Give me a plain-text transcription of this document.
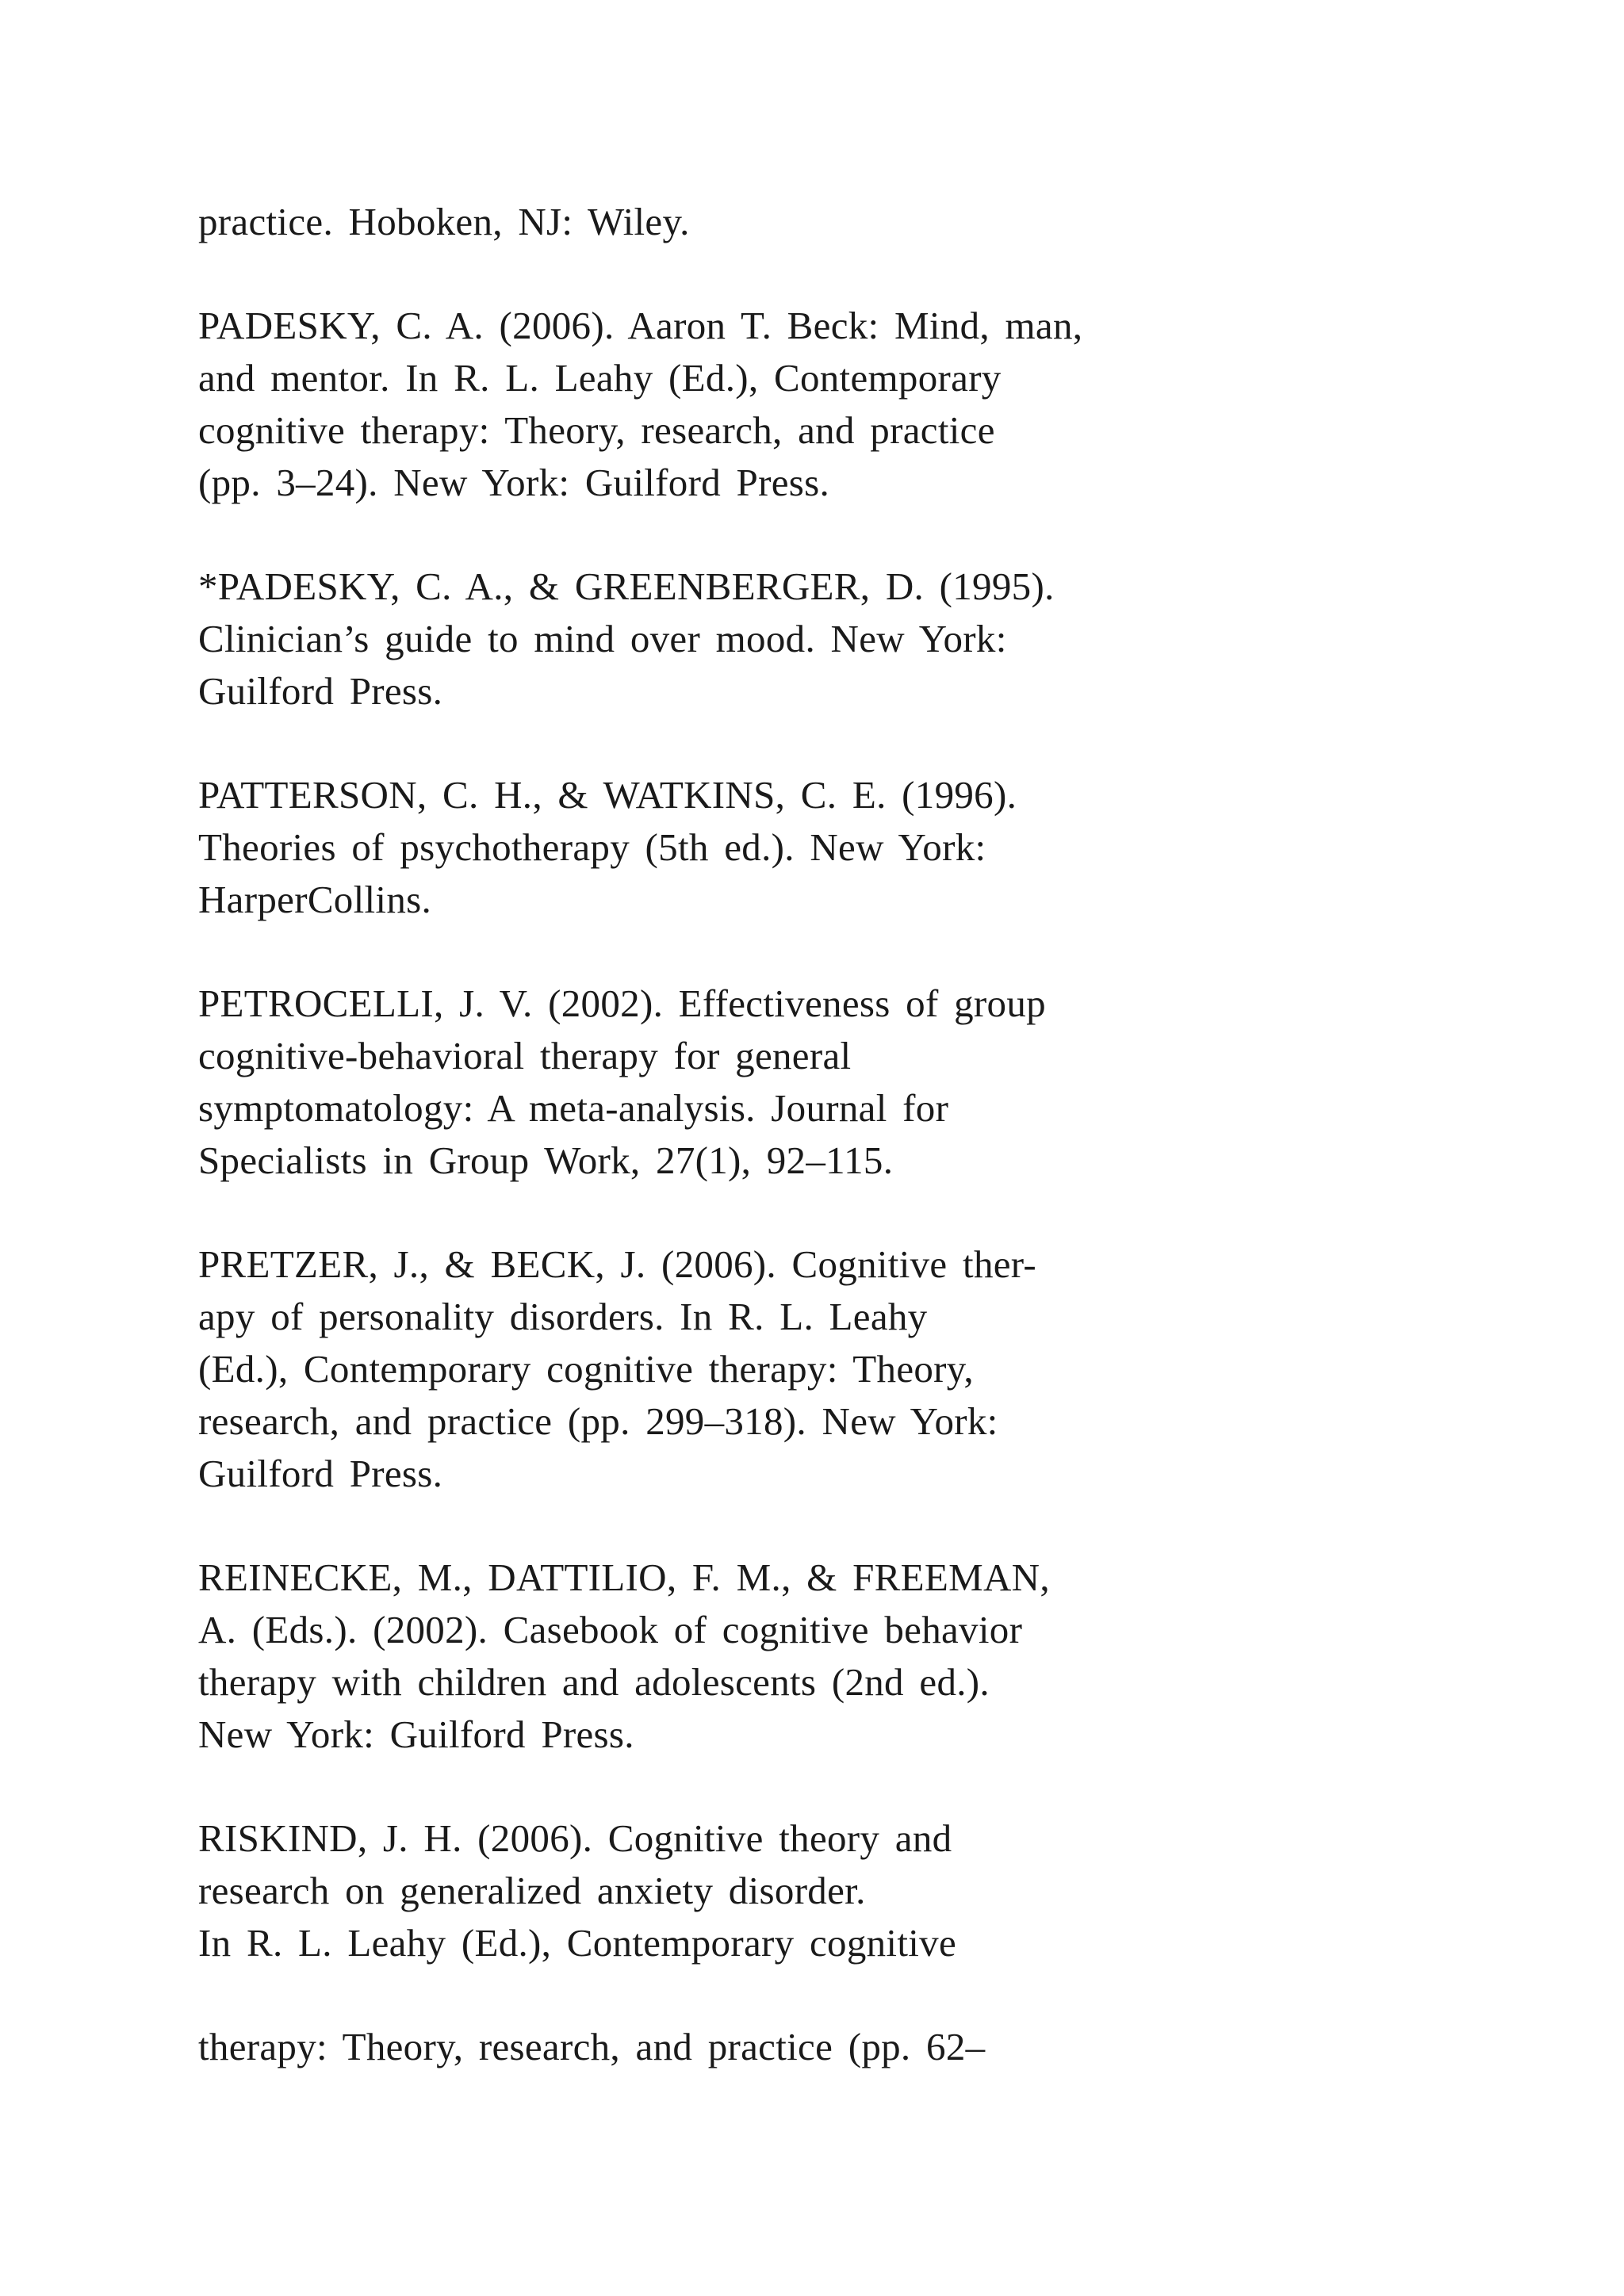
practice. Hoboken, NJ: Wiley.

PADESKY, C. A. (2006). Aaron T. Beck: Mind, man,

and mentor. In R. L. Leahy (Ed.), Contemporary

cognitive therapy: Theory, research, and practice

(pp. 3–24). New York: Guilford Press.

*PADESKY, C. A., & GREENBERGER, D. (1995).

Clinician’s guide to mind over mood. New York:

Guilford Press.

PATTERSON, C. H., & WATKINS, C. E. (1996).

Theories of psychotherapy (5th ed.). New York:

HarperCollins.

PETROCELLI, J. V. (2002). Effectiveness of group

cognitive-behavioral therapy for general

symptomatology: A meta-analysis. Journal for

Specialists in Group Work, 27(1), 92–115.

PRETZER, J., & BECK, J. (2006). Cognitive ther-

apy of personality disorders. In R. L. Leahy

(Ed.), Contemporary cognitive therapy: Theory,

research, and practice (pp. 299–318). New York:

Guilford Press.

REINECKE, M., DATTILIO, F. M., & FREEMAN,

A. (Eds.). (2002). Casebook of cognitive behavior

therapy with children and adolescents (2nd ed.).

New York: Guilford Press.

RISKIND, J. H. (2006). Cognitive theory and

research on generalized anxiety disorder.

In R. L. Leahy (Ed.), Contemporary cognitive

therapy: Theory, research, and practice (pp. 62–
